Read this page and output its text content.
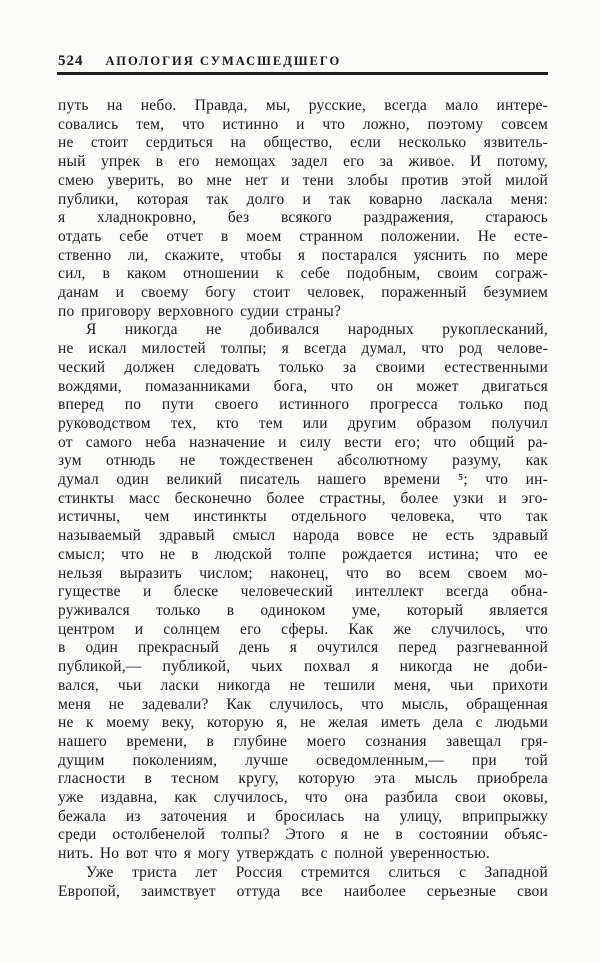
524 АПОЛОГИЯ СУМАСШЕДШЕГО
путь на небо. Правда, мы, русские, всегда мало интере-
совались тем, что истинно и что ложно, поэтому совсем
не стоит сердиться на общество, если несколько язвитель-
ный упрек в его немощах задел его за живое. И потому,
смею уверить, во мне нет и тени злобы против этой милой
публики, которая так долго и так коварно ласкала меня:
я хладнокровно, без всякого раздражения, стараюсь
отдать себе отчет в моем странном положении. Не есте-
ственно ли, скажите, чтобы я постарался уяснить по мере
сил, в каком отношении к себе подобным, своим сограж-
данам и своему богу стоит человек, пораженный безумием
по приговору верховного судии страны?
Я никогда не добивался народных рукоплесканий,
не искал милостей толпы; я всегда думал, что род челове-
ческий должен следовать только за своими естественными
вождями, помазанниками бога, что он может двигаться
вперед по пути своего истинного прогресса только под
руководством тех, кто тем или другим образом получил
от самого неба назначение и силу вести его; что общий ра-
зум отнюдь не тождественен абсолютному разуму, как
думал один великий писатель нашего времени ⁵; что ин-
стинкты масс бесконечно более страстны, более узки и эго-
истичны, чем инстинкты отдельного человека, что так
называемый здравый смысл народа вовсе не есть здравый
смысл; что не в людской толпе рождается истина; что ее
нельзя выразить числом; наконец, что во всем своем мо-
гуществе и блеске человеческий интеллект всегда обна-
руживался только в одиноком уме, который является
центром и солнцем его сферы. Как же случилось, что
в один прекрасный день я очутился перед разгневанной
публикой,— публикой, чьих похвал я никогда не доби-
вался, чьи ласки никогда не тешили меня, чьи прихоти
меня не задевали? Как случилось, что мысль, обращенная
не к моему веку, которую я, не желая иметь дела с людьми
нашего времени, в глубине моего сознания завещал гря-
дущим поколениям, лучше осведомленным,— при той
гласности в тесном кругу, которую эта мысль приобрела
уже издавна, как случилось, что она разбила свои оковы,
бежала из заточения и бросилась на улицу, вприпрыжку
среди остолбенелой толпы? Этого я не в состоянии объяс-
нить. Но вот что я могу утверждать с полной уверенностью.
Уже триста лет Россия стремится слиться с Западной
Европой, заимствует оттуда все наиболее серьезные свои
